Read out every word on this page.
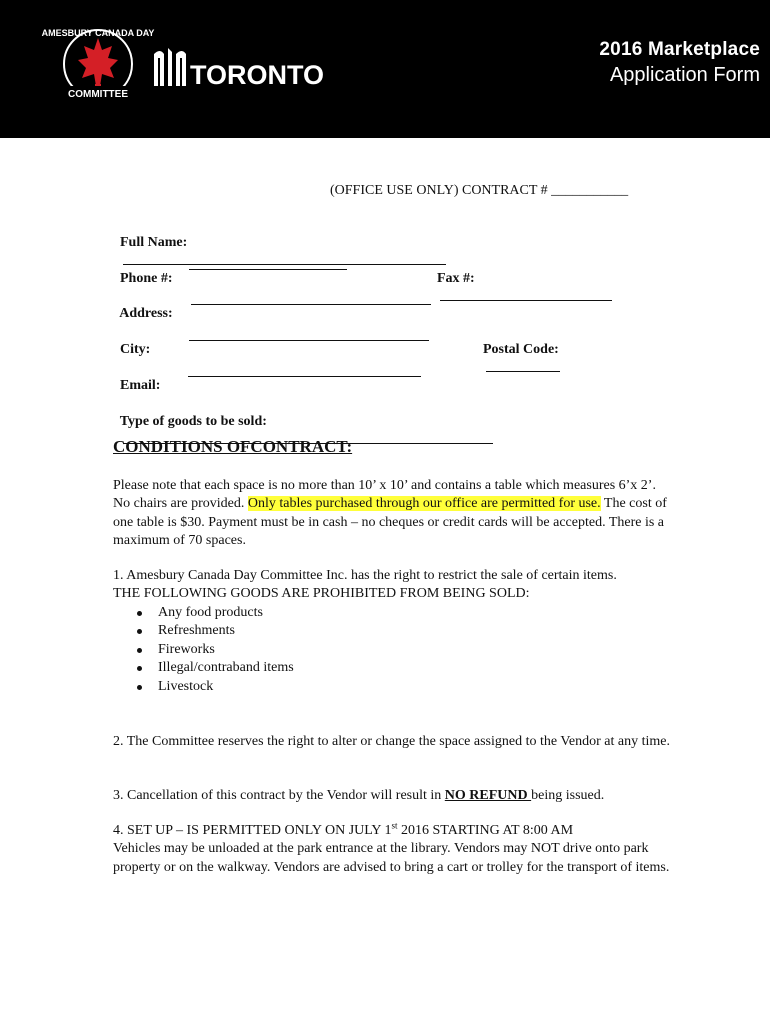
COMMITTEE
AMESBURY CANADA DAY
TORONTO
2016 Marketplace
Application Form
(OFFICE USE ONLY) CONTRACT # ___________

Full Name:

Phone #:	Fax #:

Address:

City:	Postal Code:

Email:

Type of goods to be sold:

CONDITIONS OFCONTRACT:
Please note that each space is no more than 10’ x 10’ and contains a table which measures 6’x 2’. No chairs are provided. Only tables purchased through our office are permitted for use. The cost of one table is $30. Payment must be in cash – no cheques or credit cards will be accepted. There is a maximum of 70 spaces.
1. Amesbury Canada Day Committee Inc. has the right to restrict the sale of certain items.
THE FOLLOWING GOODS ARE PROHIBITED FROM BEING SOLD:
Any food products
Refreshments
Fireworks
Illegal/contraband items
Livestock
2. The Committee reserves the right to alter or change the space assigned to the Vendor at any time.
3. Cancellation of this contract by the Vendor will result in NO REFUND being issued.
4. SET UP – IS PERMITTED ONLY ON JULY 1st 2016 STARTING AT 8:00 AM
Vehicles may be unloaded at the park entrance at the library. Vendors may NOT drive onto park property or on the walkway. Vendors are advised to bring a cart or trolley for the transport of items.
